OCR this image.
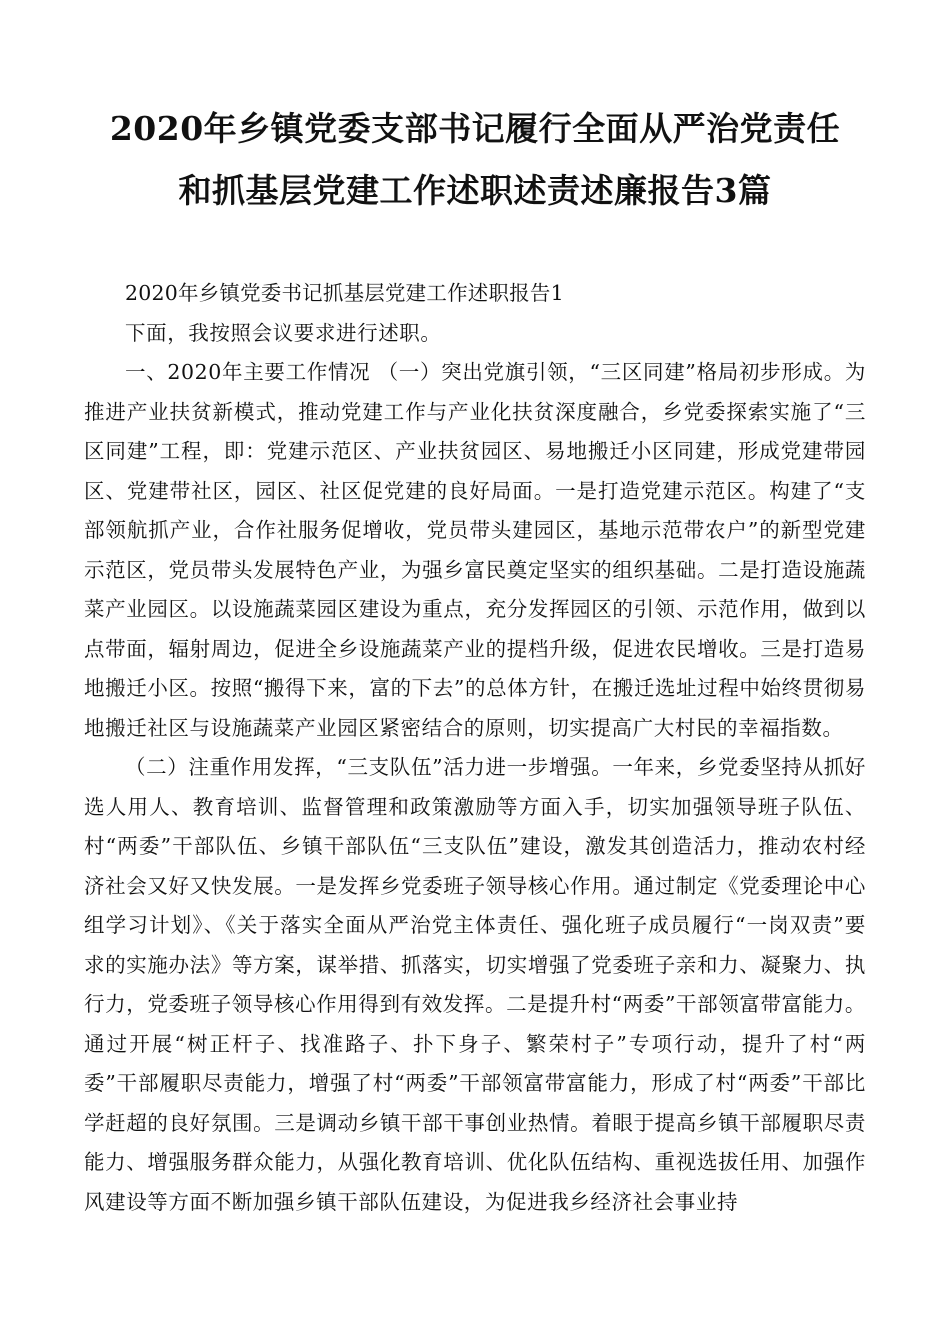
2020年乡镇党委支部书记履行全面从严治党责任
和抓基层党建工作述职述责述廉报告3篇

2020年乡镇党委书记抓基层党建工作述职报告1

下面，我按照会议要求进行述职。

一、2020年主要工作情况 （一）突出党旗引领，“三区同建”格局初步形成。为推进产业扶贫新模式，推动党建工作与产业化扶贫深度融合，乡党委探索实施了“三区同建”工程，即：党建示范区、产业扶贫园区、易地搬迁小区同建，形成党建带园区、党建带社区，园区、社区促党建的良好局面。一是打造党建示范区。构建了“支部领航抓产业，合作社服务促增收，党员带头建园区，基地示范带农户”的新型党建示范区，党员带头发展特色产业，为强乡富民奠定坚实的组织基础。二是打造设施蔬菜产业园区。以设施蔬菜园区建设为重点，充分发挥园区的引领、示范作用，做到以点带面，辐射周边，促进全乡设施蔬菜产业的提档升级，促进农民增收。三是打造易地搬迁小区。按照“搬得下来，富的下去”的总体方针，在搬迁选址过程中始终贯彻易地搬迁社区与设施蔬菜产业园区紧密结合的原则，切实提高广大村民的幸福指数。

（二）注重作用发挥，“三支队伍”活力进一步增强。一年来，乡党委坚持从抓好选人用人、教育培训、监督管理和政策激励等方面入手，切实加强领导班子队伍、村“两委”干部队伍、乡镇干部队伍“三支队伍”建设，激发其创造活力，推动农村经济社会又好又快发展。一是发挥乡党委班子领导核心作用。通过制定《党委理论中心组学习计划》、《关于落实全面从严治党主体责任、强化班子成员履行“一岗双责”要求的实施办法》等方案，谋举措、抓落实，切实增强了党委班子亲和力、凝聚力、执行力，党委班子领导核心作用得到有效发挥。二是提升村“两委”干部领富带富能力。通过开展“树正杆子、找准路子、扑下身子、繁荣村子”专项行动，提升了村“两委”干部履职尽责能力，增强了村“两委”干部领富带富能力，形成了村“两委”干部比学赶超的良好氛围。三是调动乡镇干部干事创业热情。着眼于提高乡镇干部履职尽责能力、增强服务群众能力，从强化教育培训、优化队伍结构、重视选拔任用、加强作风建设等方面不断加强乡镇干部队伍建设，为促进我乡经济社会事业持
